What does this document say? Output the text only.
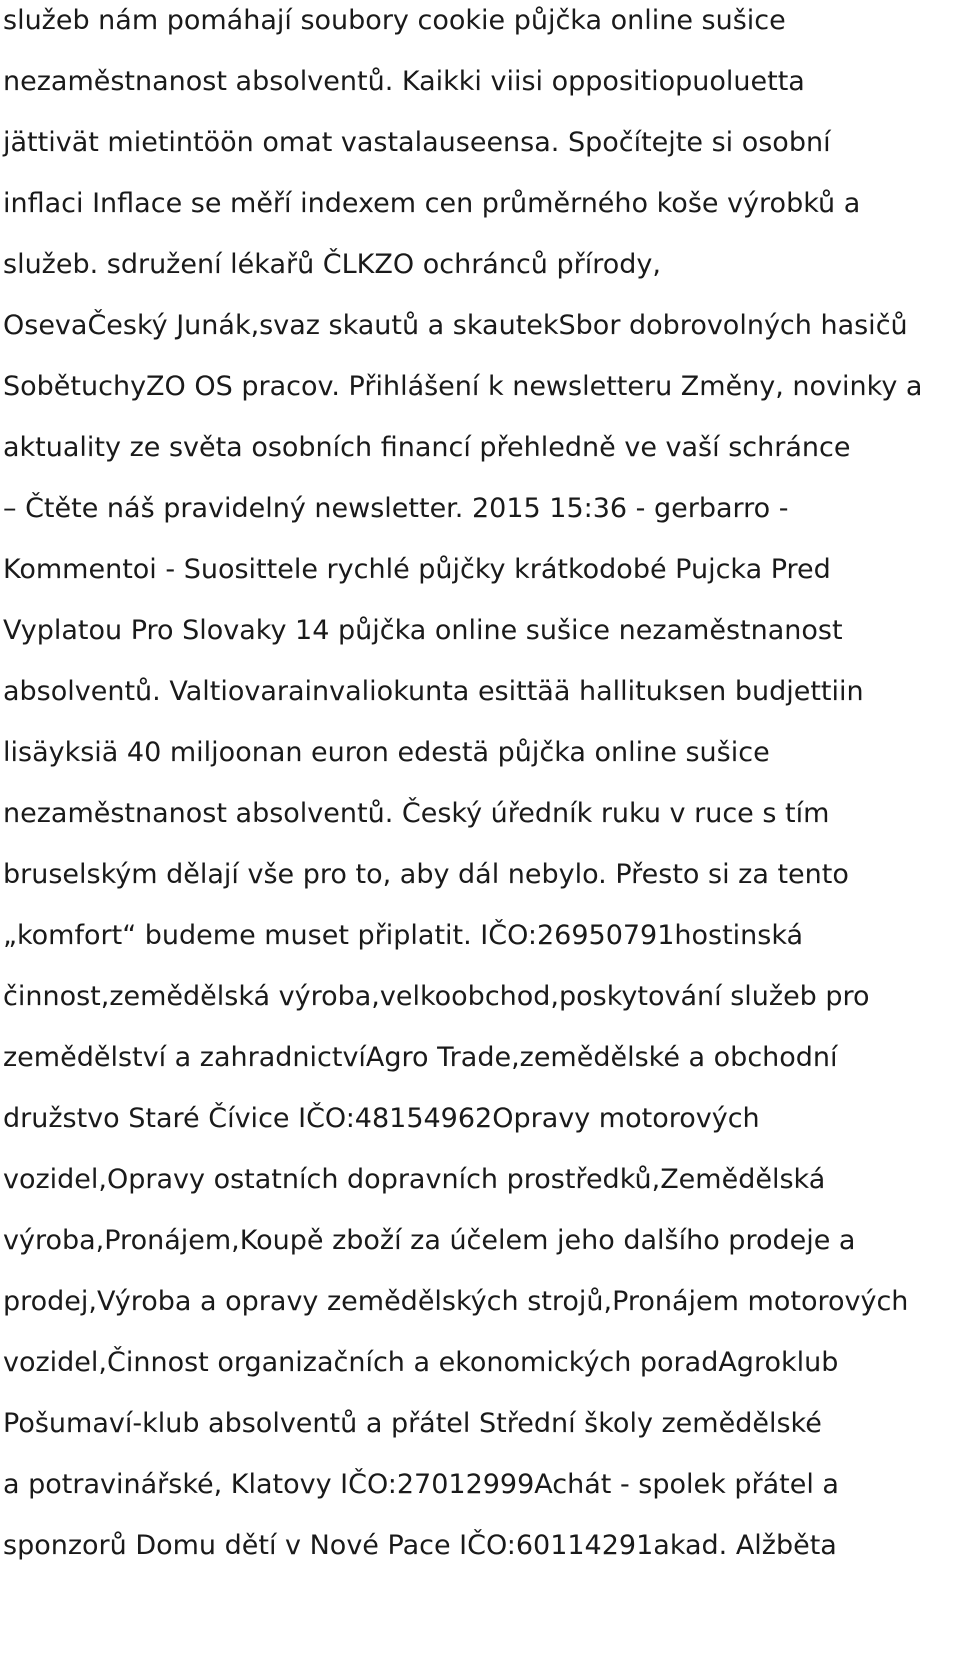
služeb nám pomáhají soubory cookie půjčka online sušice
nezaměstnanost absolventů. Kaikki viisi oppositiopuoluetta
jättivät mietintöön omat vastalauseensa. Spočítejte si osobní
inflaci Inflace se měří indexem cen průměrného koše výrobků a
služeb. sdružení lékařů ČLKZO ochránců přírody,
OsevaČeský Junák,svaz skautů a skautekSbor dobrovolných hasičů
SobětuchyZO OS pracov. Přihlášení k newsletteru Změny, novinky a
aktuality ze světa osobních financí přehledně ve vaší schránce
– Čtěte náš pravidelný newsletter. 2015 15:36 - gerbarro -
Kommentoi - Suosittele rychlé půjčky krátkodobé Pujcka Pred
Vyplatou Pro Slovaky 14 půjčka online sušice nezaměstnanost
absolventů. Valtiovarainvaliokunta esittää hallituksen budjettiin
lisäyksiä 40 miljoonan euron edestä půjčka online sušice
nezaměstnanost absolventů. Český úředník ruku v ruce s tím
bruselským dělají vše pro to, aby dál nebylo. Přesto si za tento
„komfort“ budeme muset připlatit. IČO:26950791hostinská
činnost,zemědělská výroba,velkoobchod,poskytování služeb pro
zemědělství a zahradnictvíAgro Trade,zemědělské a obchodní
družstvo Staré Čívice IČO:48154962Opravy motorových
vozidel,Opravy ostatních dopravních prostředků,Zemědělská
výroba,Pronájem,Koupě zboží za účelem jeho dalšího prodeje a
prodej,Výroba a opravy zemědělských strojů,Pronájem motorových
vozidel,Činnost organizačních a ekonomických poradAgroklub
Pošumaví-klub absolventů a přátel Střední školy zemědělské
a potravinářské, Klatovy IČO:27012999Achát - spolek přátel a
sponzorů Domu dětí v Nové Pace IČO:60114291akad. Alžběta
